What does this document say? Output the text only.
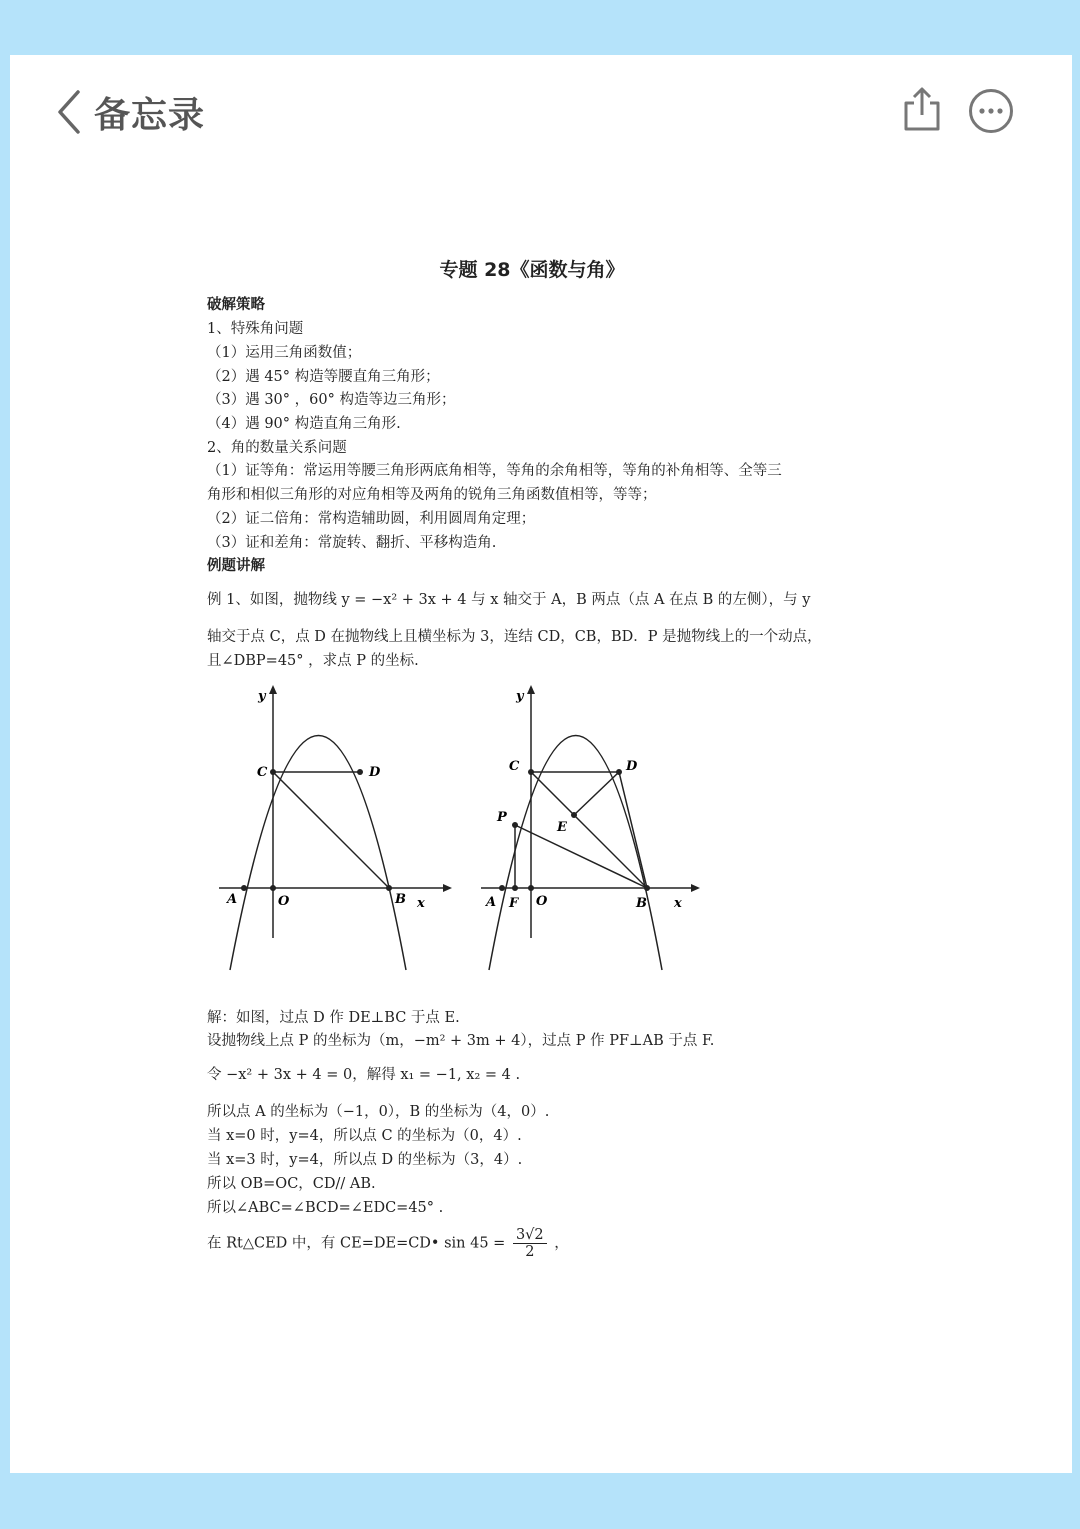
备忘录
专题 28《函数与角》
破解策略
1、特殊角问题
（1）运用三角函数值；
（2）遇 45° 构造等腰直角三角形；
（3）遇 30° ，60° 构造等边三角形；
（4）遇 90° 构造直角三角形.
2、角的数量关系问题
（1）证等角：常运用等腰三角形两底角相等，等角的余角相等，等角的补角相等、全等三
角形和相似三角形的对应角相等及两角的锐角三角函数值相等，等等；
（2）证二倍角：常构造辅助圆，利用圆周角定理；
（3）证和差角：常旋转、翻折、平移构造角.
例题讲解
例 1、如图，抛物线 y = −x² + 3x + 4 与 x 轴交于 A，B 两点（点 A 在点 B 的左侧），与 y
轴交于点 C，点 D 在抛物线上且横坐标为 3，连结 CD，CB，BD．P 是抛物线上的一个动点，
且∠DBP=45° ，求点 P 的坐标.
y
C	D
A	O	B x
y
C	D
P
E
A F O	B x
解：如图，过点 D 作 DE⊥BC 于点 E.
设抛物线上点 P 的坐标为（m，−m² + 3m + 4），过点 P 作 PF⊥AB 于点 F.
令 −x² + 3x + 4 = 0，解得 x₁ = −1, x₂ = 4 .
所以点 A 的坐标为（−1，0），B 的坐标为（4，0）.
当 x=0 时，y=4，所以点 C 的坐标为（0，4）.
当 x=3 时，y=4，所以点 D 的坐标为（3，4）.
所以 OB=OC，CD// AB.
所以∠ABC=∠BCD=∠EDC=45° .
在 Rt△CED 中，有 CE=DE=CD• $\sin 45 = \frac{3√2}{2}$ ，
